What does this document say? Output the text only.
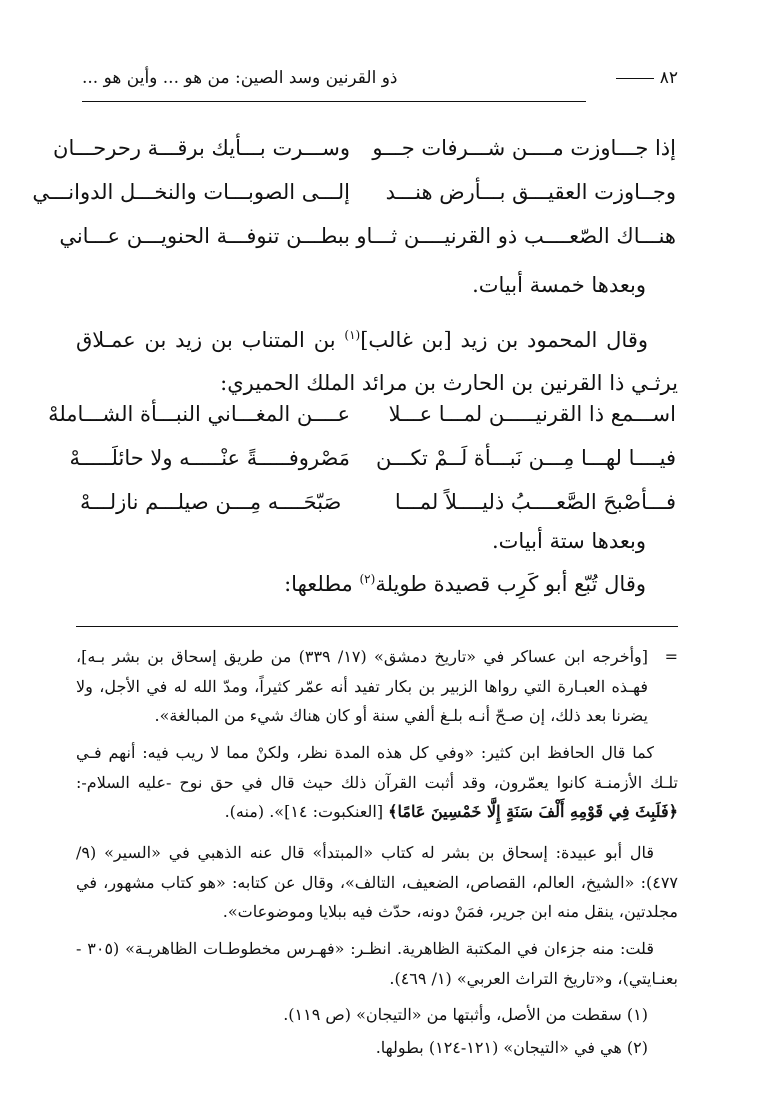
٨٢
ذو القرنين وسد الصين: من هو ... وأين هو ...
إذا جـــاوزت مــــن شـــرفات جـــو
وســـرت بـــأيك برقـــة رحرحـــان
وجــاوزت العقيـــق بـــأرض هنـــد
إلـــى الصوبـــات والنخـــل الدوانـــي
هنـــاك الصّعــــب ذو القرنيــــن ثـــاو
ببطـــن تنوفـــة الحنويـــن عـــاني
وبعدها خمسة أبيات.
وقال المحمود بن زيد [بن غالب]$^{(١)}$ بن المتناب بن زيد بن عمـلاق يرثـي ذا القرنين بن الحارث بن مرائد الملك الحميري:
اســـمع ذا القرنيـــــن لمـــا عـــلا
عــــن المغـــاني النبـــأة الشـــاملهْ
فيــــا لهـــا مِـــن نَبـــأة لَــمْ تكـــن
مَصْروفـــــةً عنْـــــه ولا حائلَـــــهْ
فـــأصْبحَ الصَّعــــبُ ذليــــلاً لمـــا
صَبّحَــــه مِـــن صيلـــم نازلـــهْ
وبعدها ستة أبيات.
وقال تُبّع أبو كَرِب قصيدة طويلة$^{(٢)}$ مطلعها:
=
[وأخرجه ابن عساكر في «تاريخ دمشق» (١٧/ ٣٣٩) من طريق إسحاق بن بشر بـه]، فهـذه العبـارة التي رواها الزبير بن بكار تفيد أنه عمّر كثيراً، ومدّ الله له في الأجل، ولا يضرنا بعد ذلك، إن صـحّ أنـه بلـغ ألفي سنة أو كان هناك شيء من المبالغة».
كما قال الحافظ ابن كثير: «وفي كل هذه المدة نظر، ولكنْ مما لا ريب فيه: أنهم فـي تلـك الأزمنـة كانوا يعمّرون، وقد أثبت القرآن ذلك حيث قال في حق نوح -عليه السلام-: ﴿فَلَبِثَ فِي قَوْمِهِ أَلْفَ سَنَةٍ إِلَّا خَمْسِينَ عَامًا﴾ [العنكبوت: ١٤]». (منه).
قال أبو عبيدة: إسحاق بن بشر له كتاب «المبتدأ» قال عنه الذهبي في «السير» (٩/ ٤٧٧): «الشيخ، العالم، القصاص، الضعيف، التالف»، وقال عن كتابه: «هو كتاب مشهور، في مجلدتين، ينقل منه ابن جرير، فمَنْ دونه، حدّث فيه ببلايا وموضوعات».
قلت: منه جزءان في المكتبة الظاهرية. انظـر: «فهـرس مخطوطـات الظاهريـة» (٣٠٥ - بعنـايتي)، و«تاريخ التراث العربي» (١/ ٤٦٩).
(١) سقطت من الأصل، وأثبتها من «التيجان» (ص ١١٩).
(٢) هي في «التيجان» (١٢١-١٢٤) بطولها.
